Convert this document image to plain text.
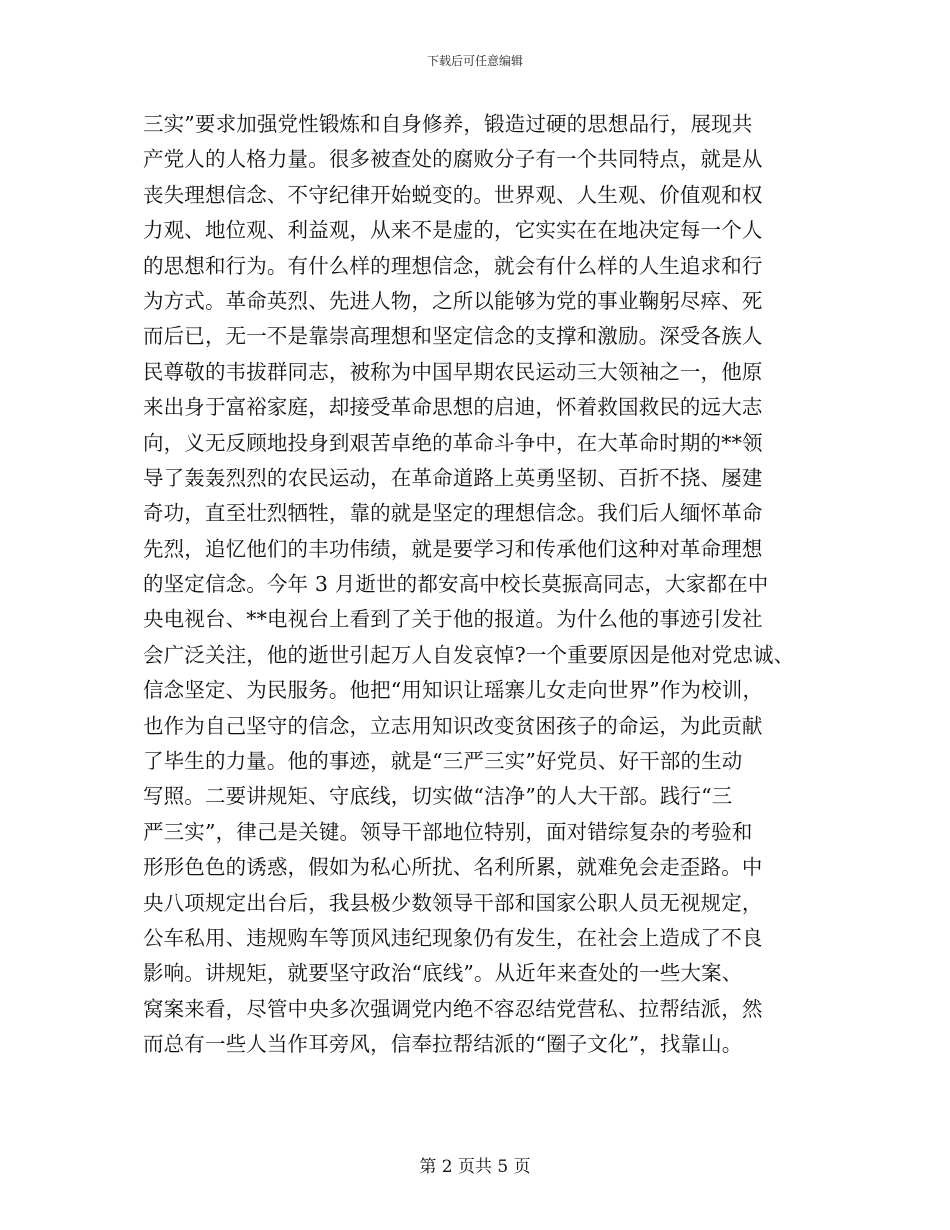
下载后可任意编辑
三实”要求加强党性锻炼和自身修养，锻造过硬的思想品行，展现共
产党人的人格力量。很多被查处的腐败分子有一个共同特点，就是从
丧失理想信念、不守纪律开始蜕变的。世界观、人生观、价值观和权
力观、地位观、利益观，从来不是虚的，它实实在在地决定每一个人
的思想和行为。有什么样的理想信念，就会有什么样的人生追求和行
为方式。革命英烈、先进人物，之所以能够为党的事业鞠躬尽瘁、死
而后已，无一不是靠崇高理想和坚定信念的支撑和激励。深受各族人
民尊敬的韦拔群同志，被称为中国早期农民运动三大领袖之一，他原
来出身于富裕家庭，却接受革命思想的启迪，怀着救国救民的远大志
向，义无反顾地投身到艰苦卓绝的革命斗争中，在大革命时期的**领
导了轰轰烈烈的农民运动，在革命道路上英勇坚韧、百折不挠、屡建
奇功，直至壮烈牺牲，靠的就是坚定的理想信念。我们后人缅怀革命
先烈，追忆他们的丰功伟绩，就是要学习和传承他们这种对革命理想
的坚定信念。今年 3 月逝世的都安高中校长莫振高同志，大家都在中
央电视台、**电视台上看到了关于他的报道。为什么他的事迹引发社
会广泛关注，他的逝世引起万人自发哀悼?一个重要原因是他对党忠诚、
信念坚定、为民服务。他把“用知识让瑶寨儿女走向世界”作为校训，
也作为自己坚守的信念，立志用知识改变贫困孩子的命运，为此贡献
了毕生的力量。他的事迹，就是“三严三实”好党员、好干部的生动
写照。二要讲规矩、守底线，切实做“洁净”的人大干部。践行“三
严三实”，律己是关键。领导干部地位特别，面对错综复杂的考验和
形形色色的诱惑，假如为私心所扰、名利所累，就难免会走歪路。中
央八项规定出台后，我县极少数领导干部和国家公职人员无视规定，
公车私用、违规购车等顶风违纪现象仍有发生，在社会上造成了不良
影响。讲规矩，就要坚守政治“底线”。从近年来查处的一些大案、
窝案来看，尽管中央多次强调党内绝不容忍结党营私、拉帮结派，然
而总有一些人当作耳旁风，信奉拉帮结派的“圈子文化”，找靠山。
第 2 页共 5 页
